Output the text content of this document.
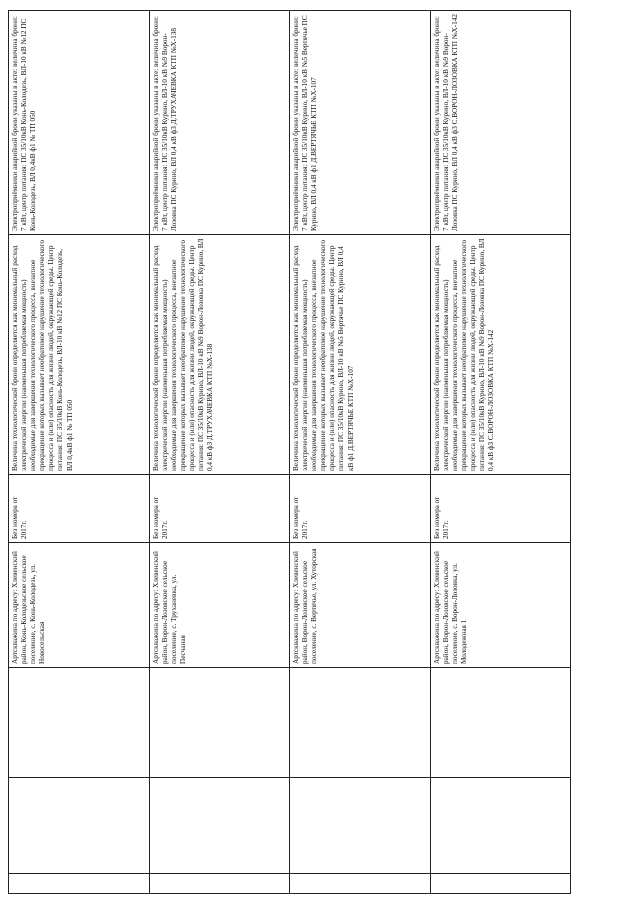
			Артскважина по адресу: Хлевенский район, Конь-Колодезьское сельское поселение, с. Конь-Колодезь, ул. Новосельская	Без номера от 2017г.	Величина технологической брони определяется как минимальный расход электрической энергии (наименьшая потребляемая мощность) необходимые для завершения технологического процесса, внезапное прекращение которых вызывает необратимое нарушение технологического процесса и (или) опасность для жизни людей, окружающей среды. Центр питания: ПС 35/10кВ Конь-Колодезь, ВЛ-10 кВ №12 ПС Конь-Колодезь, ВЛ 0,4кВ ф1 № ТП 050	Электроприёмники аварийной брони указаны в акте: величина брони: 7 кВт, центр питания: ПС 35/10кВ Конь-Колодезь, ВЛ-10 кВ №12 ПС Конь-Колодезь, ВЛ 0,4кВ ф1 № ТП 050
			Артскважина по адресу: Хлевенский район, Ворон-Лозовское сельское поселение, с. Труханевка, ул. Песчаная	Без номера от 2017г.	Величина технологической брони определяется как минимальный расход электрической энергии (наименьшая потребляемая мощность) необходимые для завершения технологического процесса, внезапное прекращение которых вызывает необратимое нарушение технологического процесса и (или) опасность для жизни людей, окружающей среды. Центр питания: ПС 35/10кВ Курино, ВЛ-10 кВ №9 Ворон-Лозовка ПС Курино, ВЛ 0,4 кВ ф3 Д.ТРУХАЧЕВКА КТП №Х-138	Электроприёмники аварийной брони указаны в акте: величина брони: 7 кВт, центр питания: ПС 35/10кВ Курино, ВЛ-10 кВ №9 Ворон-Лозовка ПС Курино, ВЛ 0,4 кВ ф3 Д.ТРУХАЧЕВКА КТП №Х-138
			Артскважина по адресу: Хлевенский район, Ворон-Лозовское сельское поселение, с. Вертячье, ул. Хуторская	Без номера от 2017г.	Величина технологической брони определяется как минимальный расход электрической энергии (наименьшая потребляемая мощность) необходимые для завершения технологического процесса, внезапное прекращение которых вызывает необратимое нарушение технологического процесса и (или) опасность для жизни людей, окружающей среды. Центр питания: ПС 35/10кВ Курино, ВЛ-10 кВ №5 Вертячье ПС Курино, ВЛ 0,4 кВ ф1 Д.ВЕРТЯЧЬЕ КТП №Х-107	Электроприёмники аварийной брони указаны в акте: величина брони: 7 кВт, центр питания: ПС 35/10кВ Курино, ВЛ-10 кВ №5 Вертячье ПС Курино, ВЛ 0,4 кВ ф1 Д.ВЕРТЯЧЬЕ КТП №Х-107
			Артскважина по адресу: Хлевенский район, Ворон-Лозовское сельское поселение, с. Ворон-Лозовка, ул. Молодежная 1	Без номера от 2017г.	Величина технологической брони определяется как минимальный расход электрической энергии (наименьшая потребляемая мощность) необходимые для завершения технологического процесса, внезапное прекращение которых вызывает необратимое нарушение технологического процесса и (или) опасность для жизни людей, окружающей среды. Центр питания: ПС 35/10кВ Курино, ВЛ-10 кВ №9 Ворон-Лозовка ПС Курино, ВЛ 0,4 кВ ф3 С.ВОРОН-ЛОЗОВКА КТП №Х-142	Электроприёмники аварийной брони указаны в акте: величина брони: 7 кВт, центр питания: ПС 35/10кВ Курино, ВЛ-10 кВ №9 Ворон-Лозовка ПС Курино, ВЛ 0,4 кВ ф3 С.ВОРОН-ЛОЗОВКА КТП №Х-142
